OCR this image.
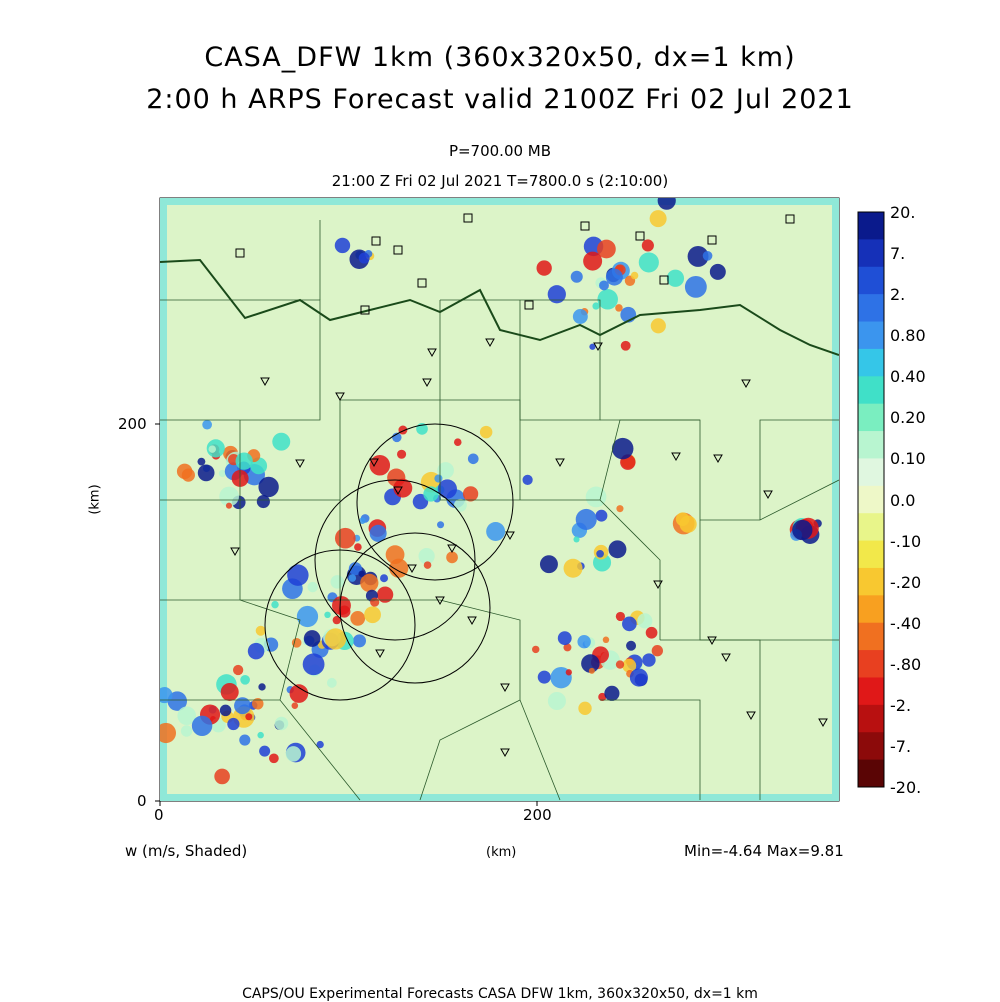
CASA_DFW 1km (360x320x50, dx=1 km)
2:00 h ARPS Forecast valid 2100Z Fri 02 Jul 2021
P=700.00 MB
21:00 Z Fri 02 Jul 2021 T=7800.0 s (2:10:00)
0	200
0
200
(km)
(km)
w (m/s, Shaded)	Min=-4.64 Max=9.81
20.
7.
2.
0.80
0.40
0.20
0.10
0.0
-.10
-.20
-.40
-.80
-2.
-7.
-20.
CAPS/OU Experimental Forecasts CASA DFW 1km, 360x320x50, dx=1 km
